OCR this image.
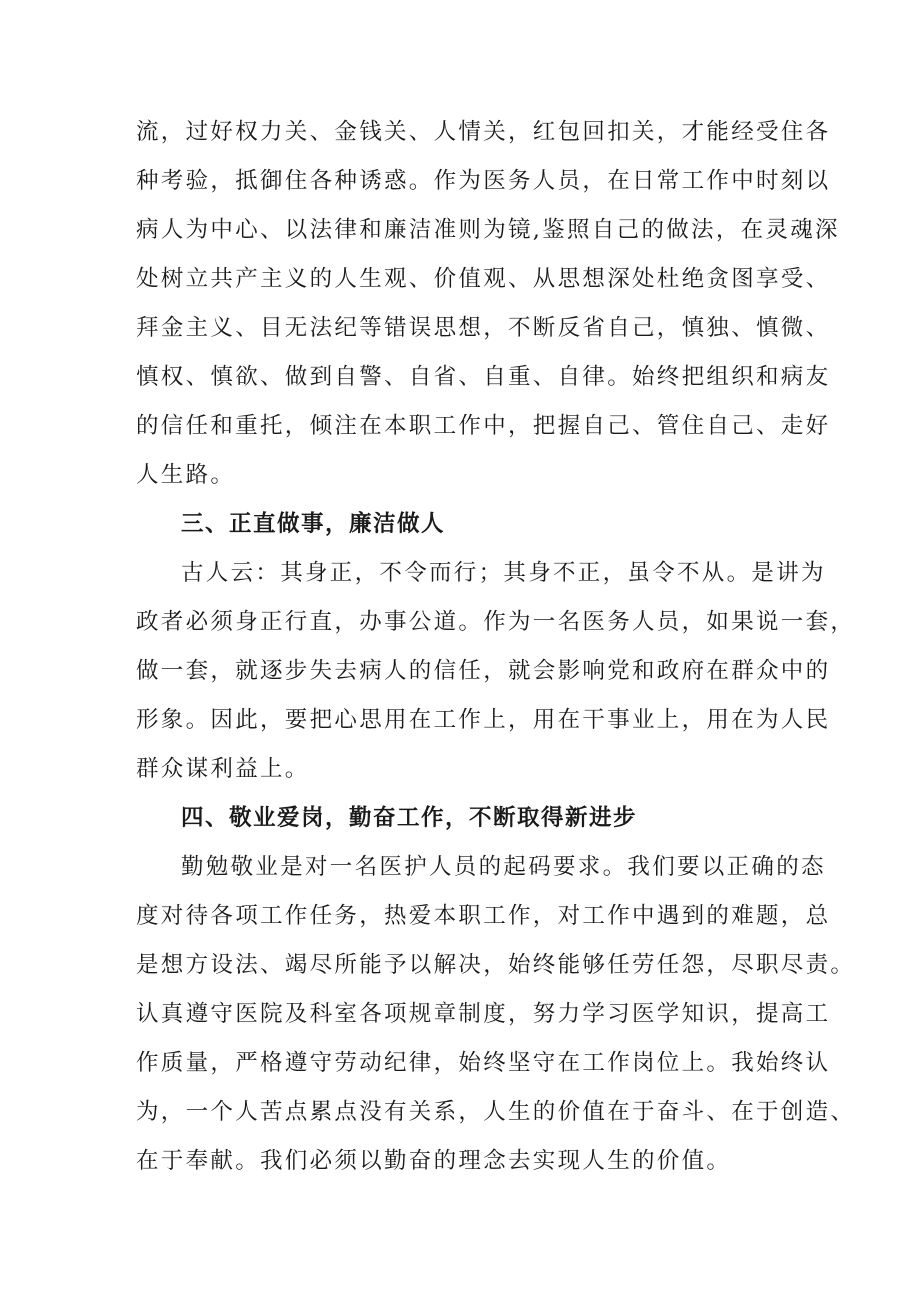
流，过好权力关、金钱关、人情关，红包回扣关，才能经受住各
种考验，抵御住各种诱惑。作为医务人员，在日常工作中时刻以
病人为中心、以法律和廉洁准则为镜,鉴照自己的做法，在灵魂深
处树立共产主义的人生观、价值观、从思想深处杜绝贪图享受、
拜金主义、目无法纪等错误思想，不断反省自己，慎独、慎微、
慎权、慎欲、做到自警、自省、自重、自律。始终把组织和病友
的信任和重托，倾注在本职工作中，把握自己、管住自己、走好
人生路。
三、正直做事，廉洁做人
古人云：其身正，不令而行；其身不正，虽令不从。是讲为
政者必须身正行直，办事公道。作为一名医务人员，如果说一套，
做一套，就逐步失去病人的信任，就会影响党和政府在群众中的
形象。因此，要把心思用在工作上，用在干事业上，用在为人民
群众谋利益上。
四、敬业爱岗，勤奋工作，不断取得新进步
勤勉敬业是对一名医护人员的起码要求。我们要以正确的态
度对待各项工作任务，热爱本职工作，对工作中遇到的难题，总
是想方设法、竭尽所能予以解决，始终能够任劳任怨，尽职尽责。
认真遵守医院及科室各项规章制度，努力学习医学知识，提高工
作质量，严格遵守劳动纪律，始终坚守在工作岗位上。我始终认
为，一个人苦点累点没有关系，人生的价值在于奋斗、在于创造、
在于奉献。我们必须以勤奋的理念去实现人生的价值。
